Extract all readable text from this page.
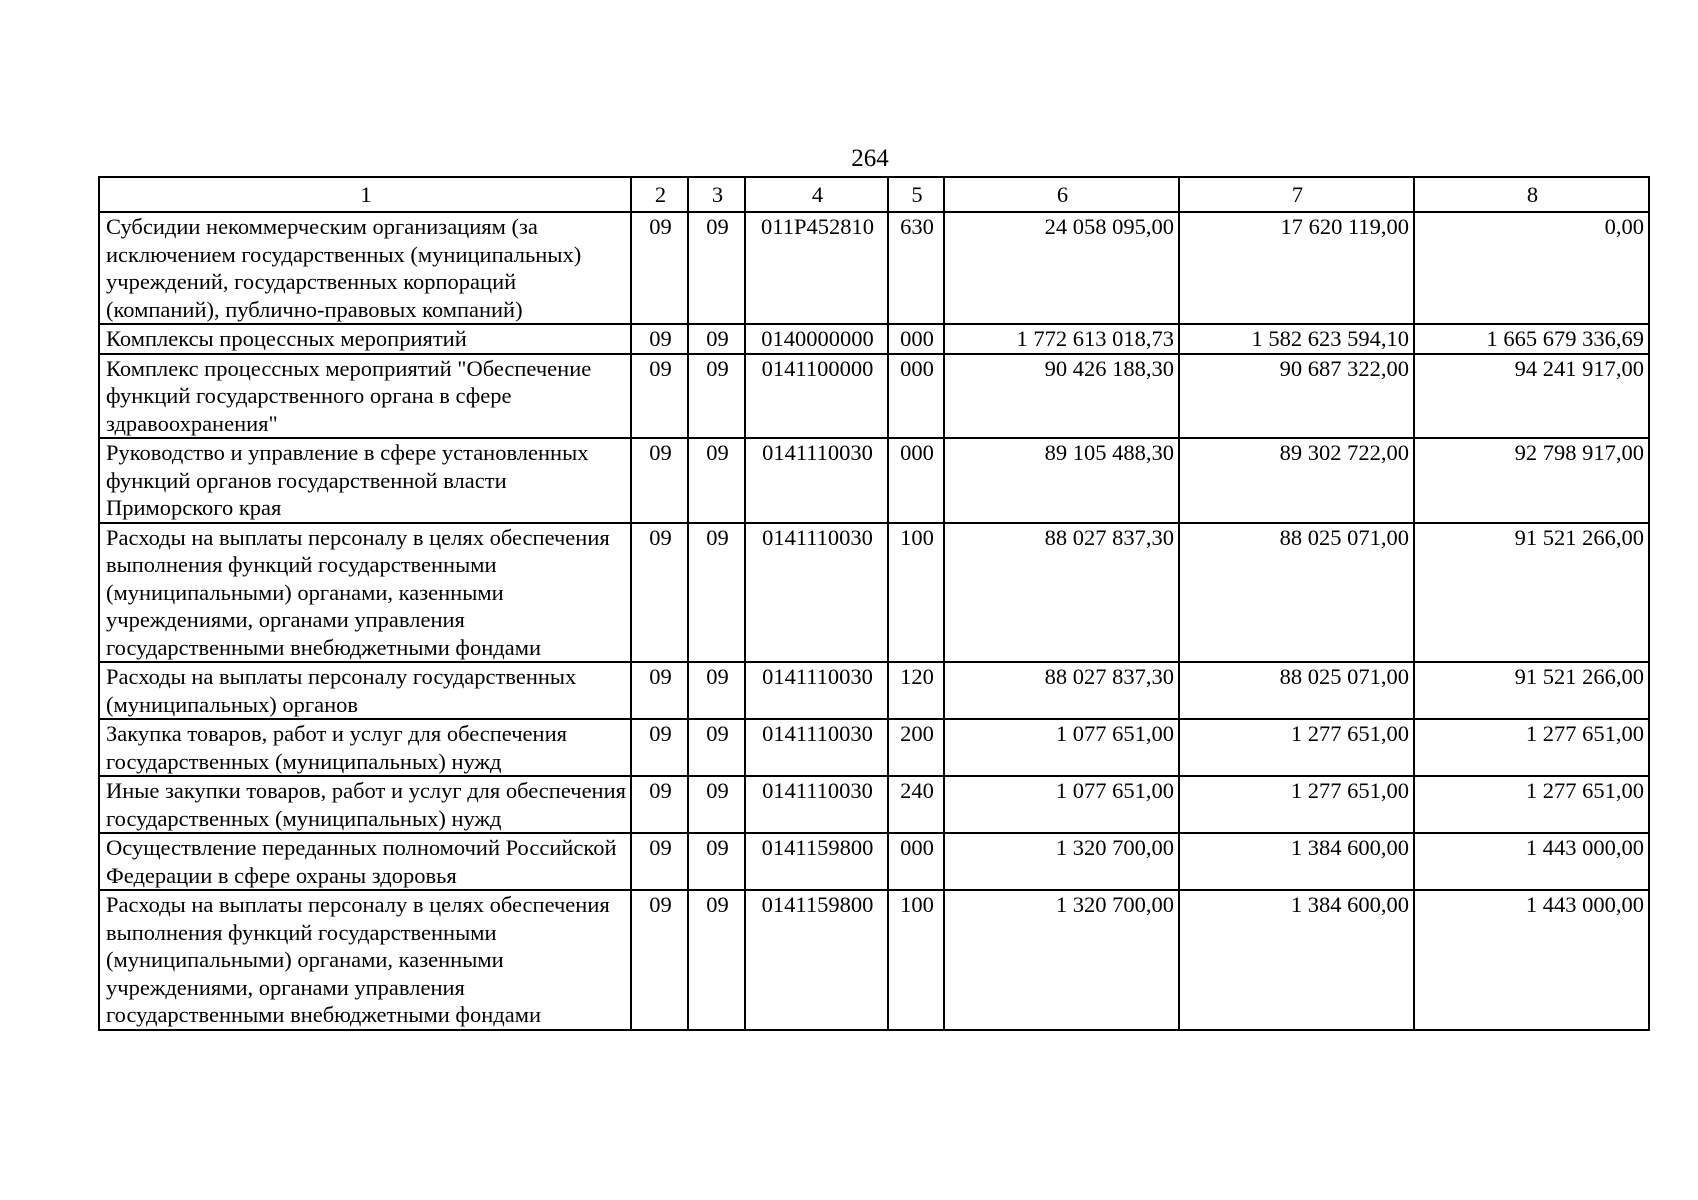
264
1	2	3	4	5	6	7	8
Субсидии некоммерческим организациям (за исключением государственных (муниципальных) учреждений, государственных корпораций (компаний), публично-правовых компаний)	09	09	011P452810	630	24 058 095,00	17 620 119,00	0,00
Комплексы процессных мероприятий	09	09	0140000000	000	1 772 613 018,73	1 582 623 594,10	1 665 679 336,69
Комплекс процессных мероприятий "Обеспечение функций государственного органа в сфере здравоохранения"	09	09	0141100000	000	90 426 188,30	90 687 322,00	94 241 917,00
Руководство и управление в сфере установленных функций органов государственной власти Приморского края	09	09	0141110030	000	89 105 488,30	89 302 722,00	92 798 917,00
Расходы на выплаты персоналу в целях обеспечения выполнения функций государственными (муниципальными) органами, казенными учреждениями, органами управления государственными внебюджетными фондами	09	09	0141110030	100	88 027 837,30	88 025 071,00	91 521 266,00
Расходы на выплаты персоналу государственных (муниципальных) органов	09	09	0141110030	120	88 027 837,30	88 025 071,00	91 521 266,00
Закупка товаров, работ и услуг для обеспечения государственных (муниципальных) нужд	09	09	0141110030	200	1 077 651,00	1 277 651,00	1 277 651,00
Иные закупки товаров, работ и услуг для обеспечения государственных (муниципальных) нужд	09	09	0141110030	240	1 077 651,00	1 277 651,00	1 277 651,00
Осуществление переданных полномочий Российской Федерации в сфере охраны здоровья	09	09	0141159800	000	1 320 700,00	1 384 600,00	1 443 000,00
Расходы на выплаты персоналу в целях обеспечения выполнения функций государственными (муниципальными) органами, казенными учреждениями, органами управления государственными внебюджетными фондами	09	09	0141159800	100	1 320 700,00	1 384 600,00	1 443 000,00
